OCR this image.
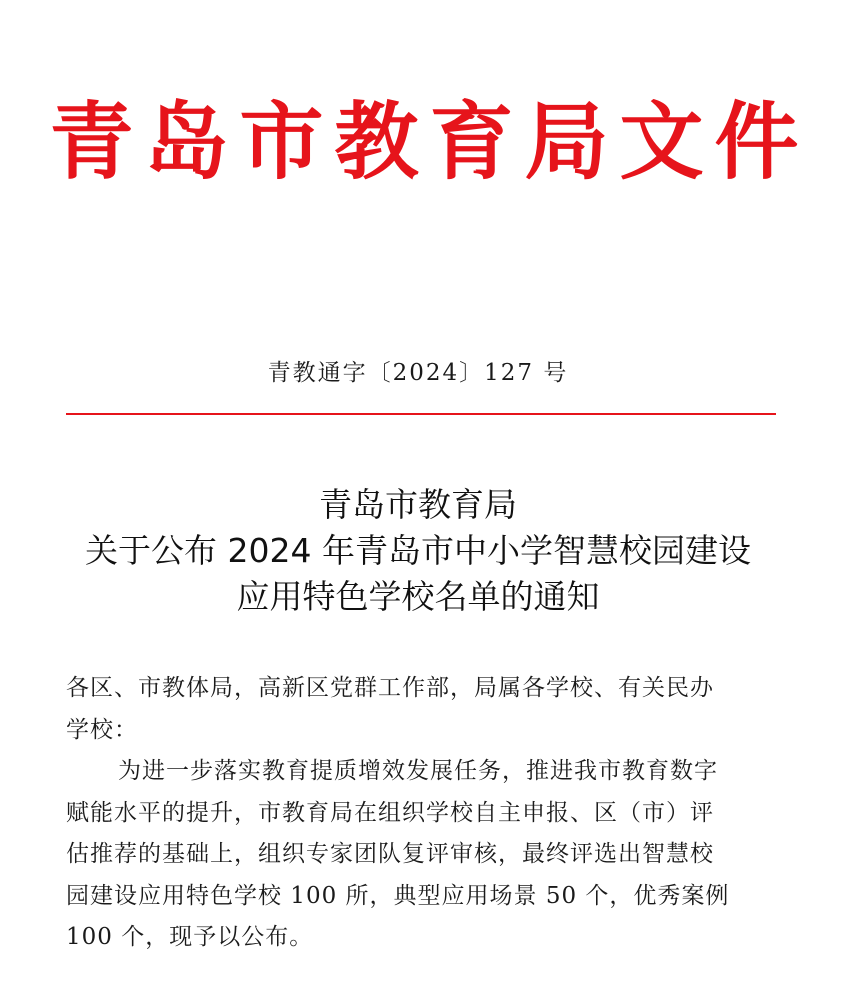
青岛市教育局文件
青教通字〔2024〕127 号
青岛市教育局
关于公布 2024 年青岛市中小学智慧校园建设
应用特色学校名单的通知
各区、市教体局，高新区党群工作部，局属各学校、有关民办
学校：
为进一步落实教育提质增效发展任务，推进我市教育数字
赋能水平的提升，市教育局在组织学校自主申报、区（市）评
估推荐的基础上，组织专家团队复评审核，最终评选出智慧校
园建设应用特色学校 100 所，典型应用场景 50 个，优秀案例
100 个，现予以公布。
